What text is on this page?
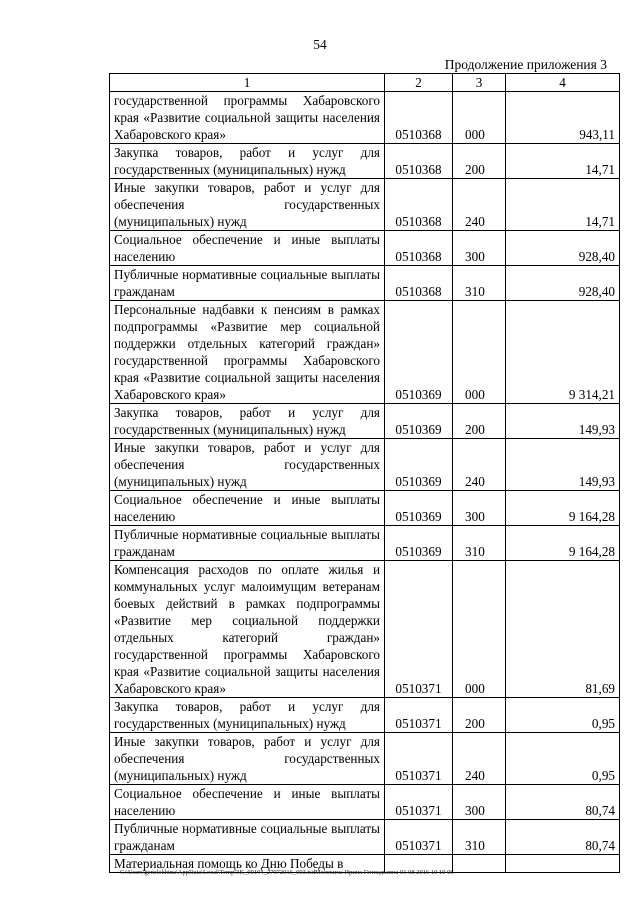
54
Продолжение приложения 3
1	2	3	4
государственной программы Хабаровского края «Развитие социальной защиты населения Хабаровского края»	0510368	000	943,11
Закупка товаров, работ и услуг для государственных (муниципальных) нужд	0510368	200	14,71
Иные закупки товаров, работ и услуг для обеспечения государственных (муниципальных) нужд	0510368	240	14,71
Социальное обеспечение и иные выплаты населению	0510368	300	928,40
Публичные нормативные социальные выплаты гражданам	0510368	310	928,40
Персональные надбавки к пенсиям в рамках подпрограммы «Развитие мер социальной поддержки отдельных категорий граждан» государственной программы Хабаровского края «Развитие социальной защиты населения Хабаровского края»	0510369	000	9 314,21
Закупка товаров, работ и услуг для государственных (муниципальных) нужд	0510369	200	149,93
Иные закупки товаров, работ и услуг для обеспечения государственных (муниципальных) нужд	0510369	240	149,93
Социальное обеспечение и иные выплаты населению	0510369	300	9 164,28
Публичные нормативные социальные выплаты гражданам	0510369	310	9 164,28
Компенсация расходов по оплате жилья и коммунальных услуг малоимущим ветеранам боевых действий в рамках подпрограммы «Развитие мер социальной поддержки отдельных категорий граждан» государственной программы Хабаровского края «Развитие социальной защиты населения Хабаровского края»	0510371	000	81,69
Закупка товаров, работ и услуг для государственных (муниципальных) нужд	0510371	200	0,95
Иные закупки товаров, работ и услуг для обеспечения государственных (муниципальных) нужд	0510371	240	0,95
Социальное обеспечение и иные выплаты населению	0510371	300	80,74
Публичные нормативные социальные выплаты гражданам	0510371	310	80,74
Материальная помощь ко Дню Победы в			
C:\Users\genelekhina\AppData\Local\Temp\3K_00194_27072016_003.tsdМелехина Ирина Геннадьевна 01 08 2016 10 19 06
